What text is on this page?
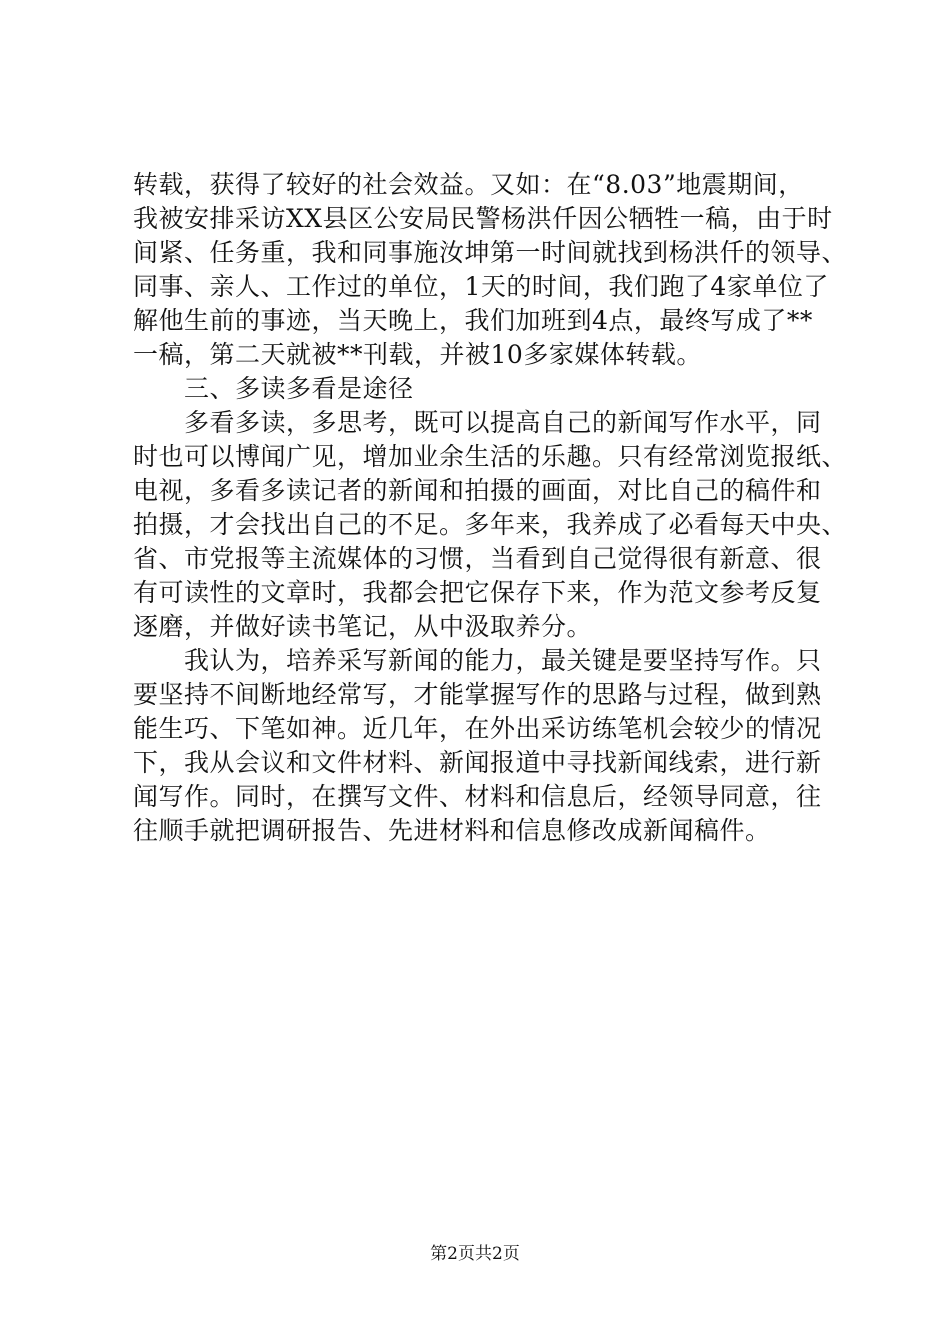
转载，获得了较好的社会效益。又如：在“8.03”地震期间，
我被安排采访XX县区公安局民警杨洪仟因公牺牲一稿，由于时
间紧、任务重，我和同事施汝坤第一时间就找到杨洪仟的领导、
同事、亲人、工作过的单位，1天的时间，我们跑了4家单位了
解他生前的事迹，当天晚上，我们加班到4点，最终写成了**
一稿，第二天就被**刊载，并被10多家媒体转载。
　　三、多读多看是途径
　　多看多读，多思考，既可以提高自己的新闻写作水平，同
时也可以博闻广见，增加业余生活的乐趣。只有经常浏览报纸、
电视，多看多读记者的新闻和拍摄的画面，对比自己的稿件和
拍摄，才会找出自己的不足。多年来，我养成了必看每天中央、
省、市党报等主流媒体的习惯，当看到自己觉得很有新意、很
有可读性的文章时，我都会把它保存下来，作为范文参考反复
逐磨，并做好读书笔记，从中汲取养分。
　　我认为，培养采写新闻的能力，最关键是要坚持写作。只
要坚持不间断地经常写，才能掌握写作的思路与过程，做到熟
能生巧、下笔如神。近几年，在外出采访练笔机会较少的情况
下，我从会议和文件材料、新闻报道中寻找新闻线索，进行新
闻写作。同时，在撰写文件、材料和信息后，经领导同意，往
往顺手就把调研报告、先进材料和信息修改成新闻稿件。
第2页共2页
